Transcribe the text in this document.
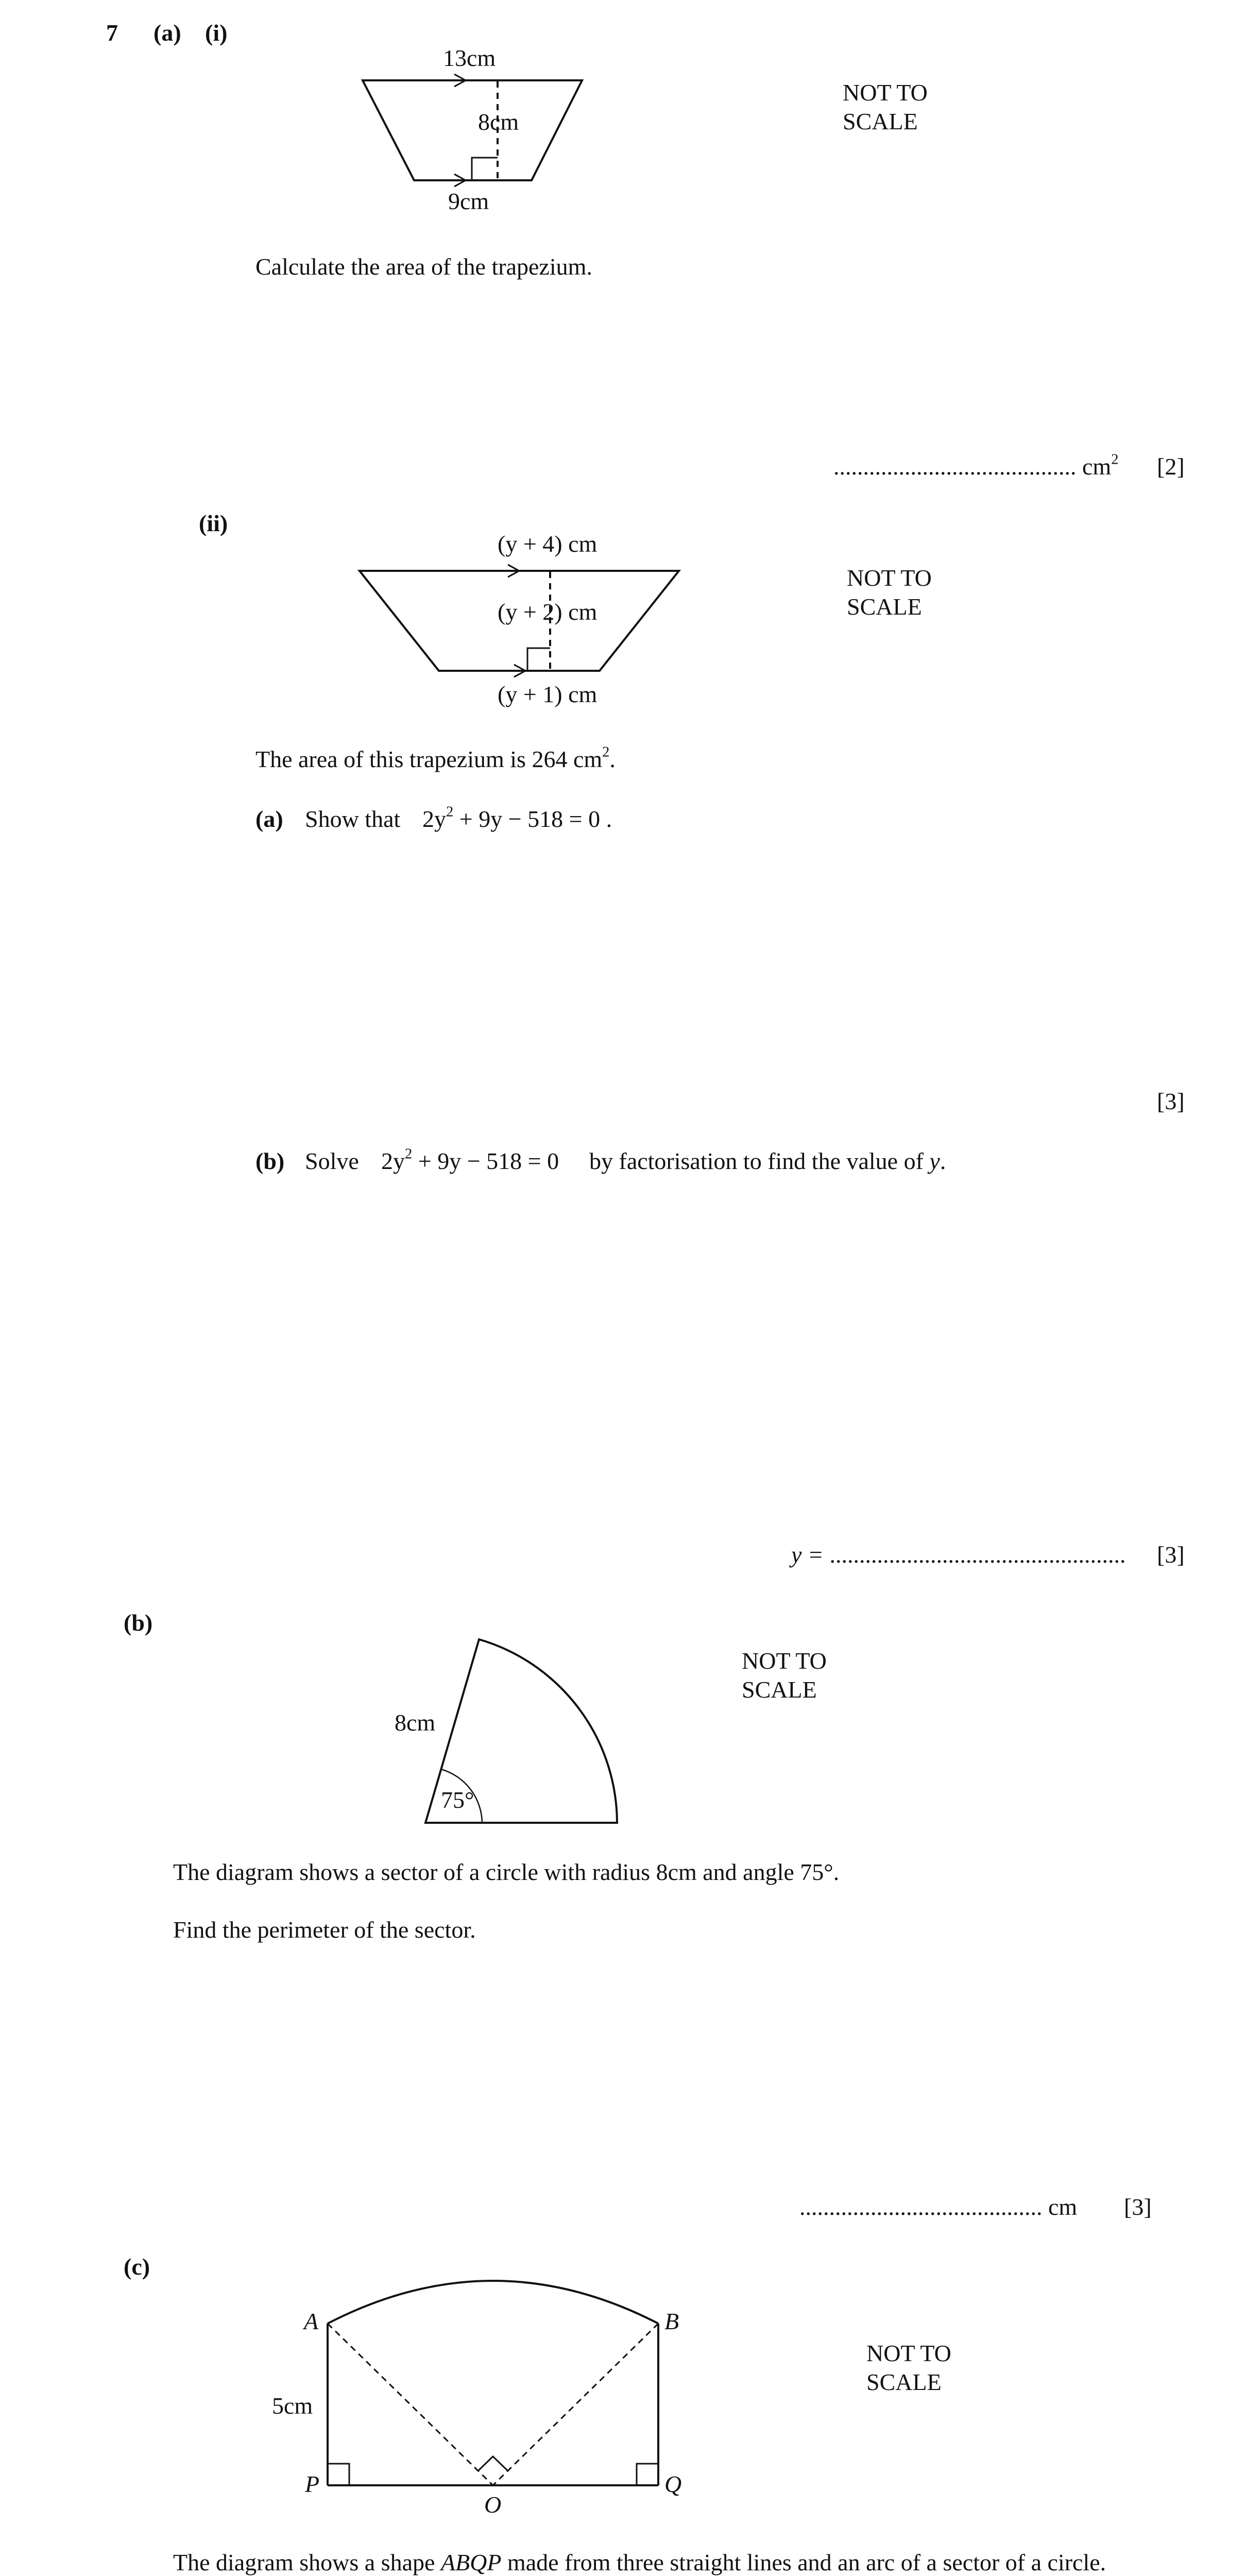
7 (a) (i)
13cm
8cm
9cm
NOT TO
SCALE
Calculate the area of the trapezium.
......................................... $cm^2$ [2]
(ii)
(y + 4) cm
(y + 2) cm
(y + 1) cm
NOT TO
SCALE
The area of this trapezium is 264 $cm^2$.
(a) Show that $2y^2 + 9y - 518 = 0$ .
[3]
(b) Solve $2y^2 + 9y - 518 = 0$ by factorisation to find the value of y.
y = .................................................. [3]
(b)
8cm
75°
NOT TO
SCALE
The diagram shows a sector of a circle with radius 8cm and angle 75°.
Find the perimeter of the sector.
......................................... cm [3]
(c)
A	B
P
O
Q
5cm
NOT TO
SCALE
The diagram shows a shape ABQP made from three straight lines and an arc of a sector of a circle.
